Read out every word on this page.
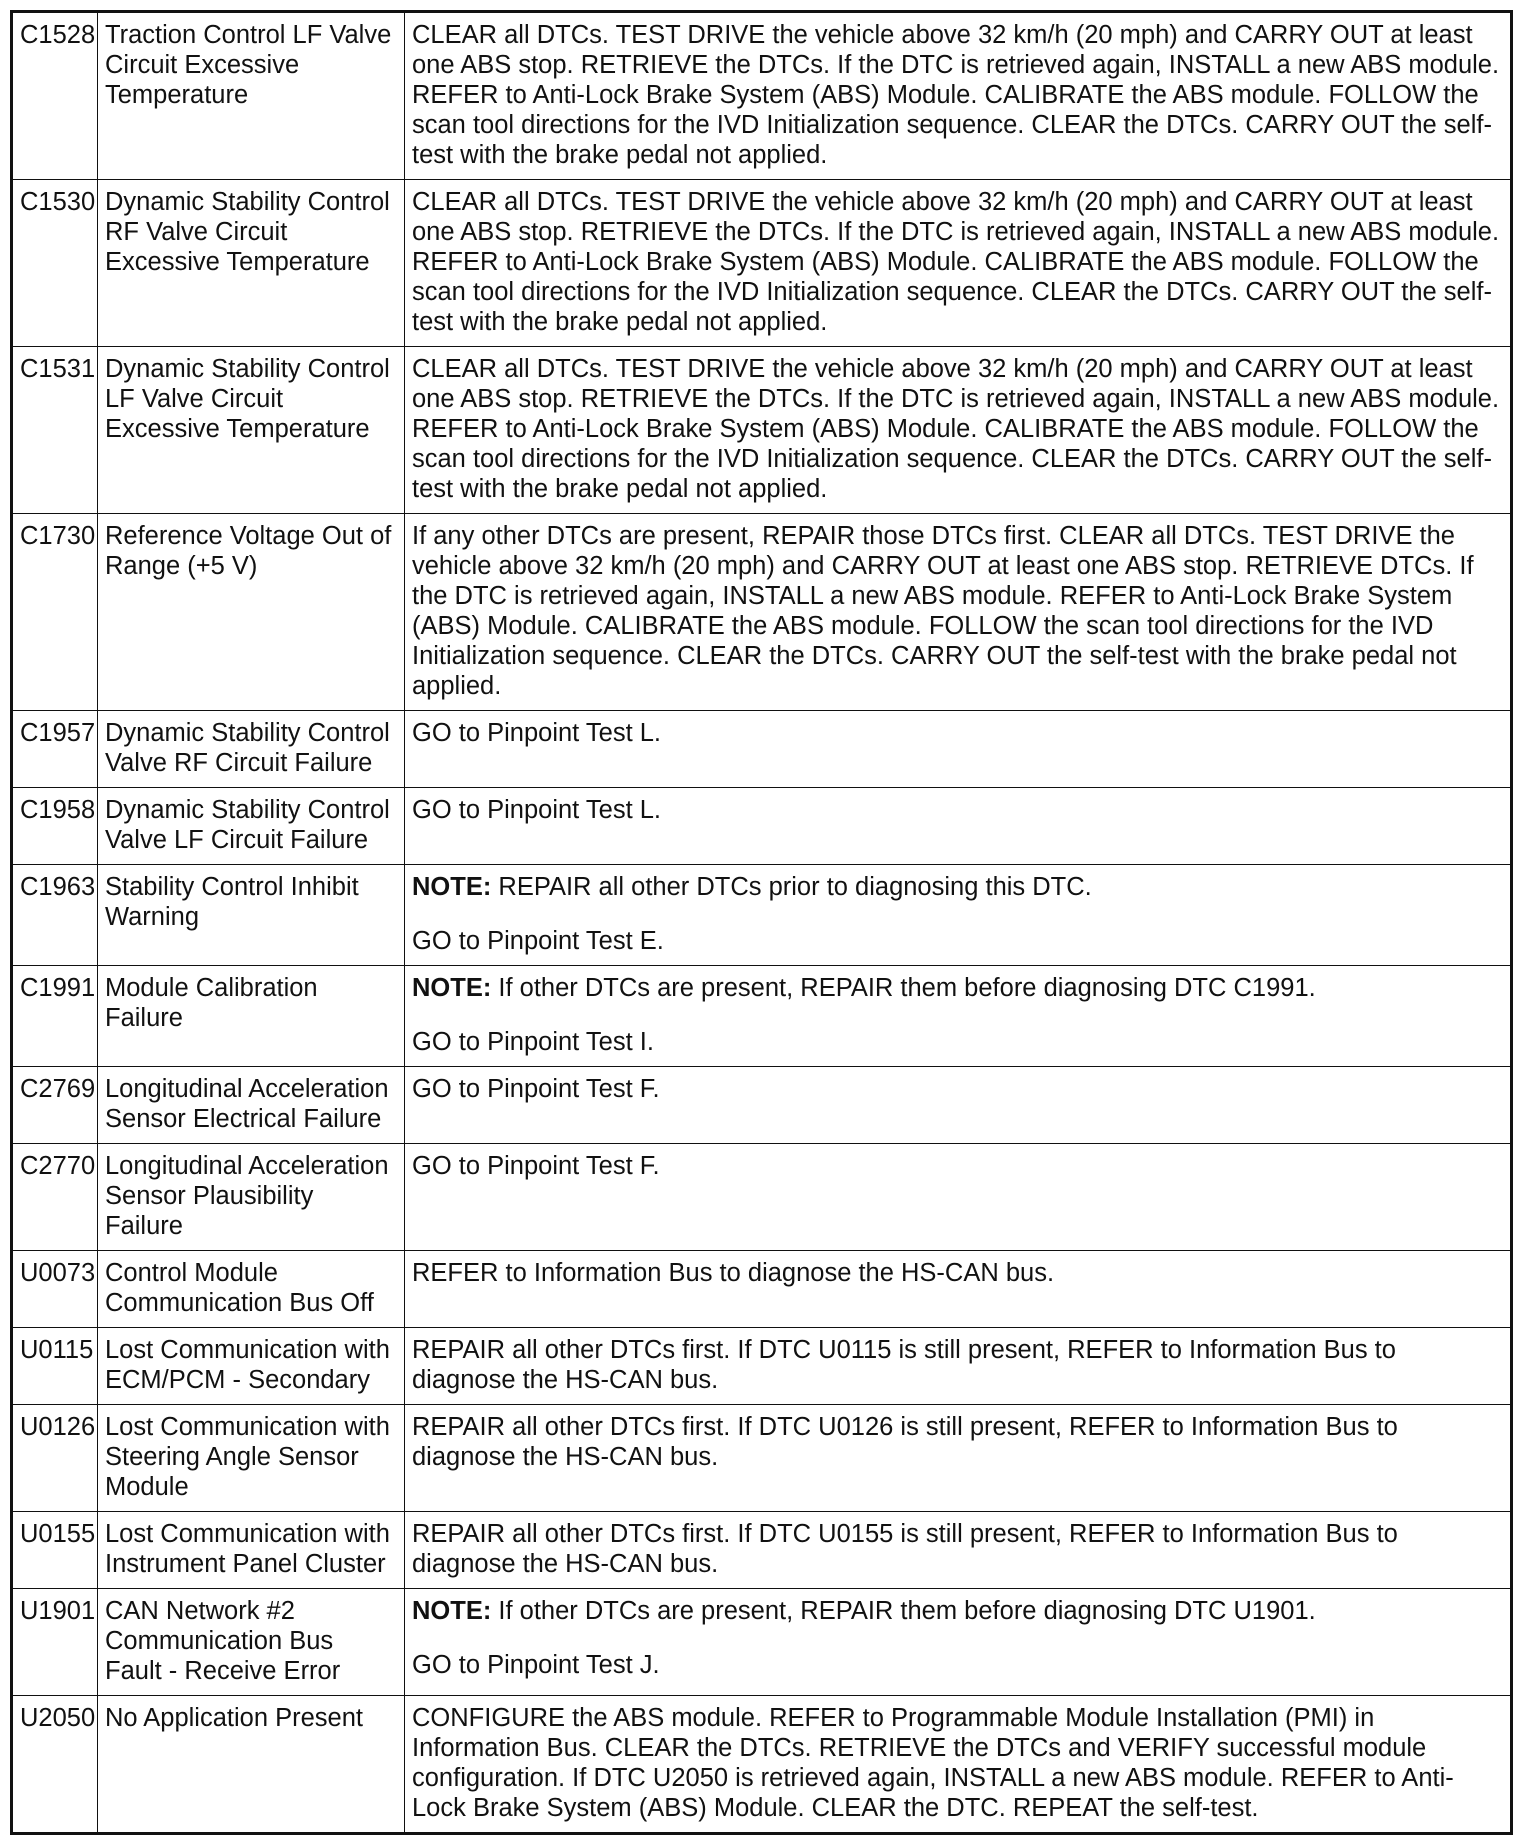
C1528	Traction Control LF Valve Circuit Excessive Temperature	CLEAR all DTCs. TEST DRIVE the vehicle above 32 km/h (20 mph) and CARRY OUT at least one ABS stop. RETRIEVE the DTCs. If the DTC is retrieved again, INSTALL a new ABS module. REFER to Anti-Lock Brake System (ABS) Module. CALIBRATE the ABS module. FOLLOW the scan tool directions for the IVD Initialization sequence. CLEAR the DTCs. CARRY OUT the self-test with the brake pedal not applied.

C1530	Dynamic Stability Control RF Valve Circuit Excessive Temperature	CLEAR all DTCs. TEST DRIVE the vehicle above 32 km/h (20 mph) and CARRY OUT at least one ABS stop. RETRIEVE the DTCs. If the DTC is retrieved again, INSTALL a new ABS module. REFER to Anti-Lock Brake System (ABS) Module. CALIBRATE the ABS module. FOLLOW the scan tool directions for the IVD Initialization sequence. CLEAR the DTCs. CARRY OUT the self-test with the brake pedal not applied.

C1531	Dynamic Stability Control LF Valve Circuit Excessive Temperature	CLEAR all DTCs. TEST DRIVE the vehicle above 32 km/h (20 mph) and CARRY OUT at least one ABS stop. RETRIEVE the DTCs. If the DTC is retrieved again, INSTALL a new ABS module. REFER to Anti-Lock Brake System (ABS) Module. CALIBRATE the ABS module. FOLLOW the scan tool directions for the IVD Initialization sequence. CLEAR the DTCs. CARRY OUT the self-test with the brake pedal not applied.

C1730	Reference Voltage Out of Range (+5 V)	If any other DTCs are present, REPAIR those DTCs first. CLEAR all DTCs. TEST DRIVE the vehicle above 32 km/h (20 mph) and CARRY OUT at least one ABS stop. RETRIEVE DTCs. If the DTC is retrieved again, INSTALL a new ABS module. REFER to Anti-Lock Brake System (ABS) Module. CALIBRATE the ABS module. FOLLOW the scan tool directions for the IVD Initialization sequence. CLEAR the DTCs. CARRY OUT the self-test with the brake pedal not applied.

C1957	Dynamic Stability Control Valve RF Circuit Failure	GO to Pinpoint Test L.

C1958	Dynamic Stability Control Valve LF Circuit Failure	GO to Pinpoint Test L.

C1963	Stability Control Inhibit Warning	NOTE: REPAIR all other DTCs prior to diagnosing this DTC.
GO to Pinpoint Test E.

C1991	Module Calibration Failure	NOTE: If other DTCs are present, REPAIR them before diagnosing DTC C1991.
GO to Pinpoint Test I.

C2769	Longitudinal Acceleration Sensor Electrical Failure	GO to Pinpoint Test F.

C2770	Longitudinal Acceleration Sensor Plausibility Failure	GO to Pinpoint Test F.

U0073	Control Module Communication Bus Off	REFER to Information Bus to diagnose the HS-CAN bus.

U0115	Lost Communication with ECM/PCM - Secondary	REPAIR all other DTCs first. If DTC U0115 is still present, REFER to Information Bus to diagnose the HS-CAN bus.

U0126	Lost Communication with Steering Angle Sensor Module	REPAIR all other DTCs first. If DTC U0126 is still present, REFER to Information Bus to diagnose the HS-CAN bus.

U0155	Lost Communication with Instrument Panel Cluster	REPAIR all other DTCs first. If DTC U0155 is still present, REFER to Information Bus to diagnose the HS-CAN bus.

U1901	CAN Network #2 Communication Bus Fault - Receive Error	NOTE: If other DTCs are present, REPAIR them before diagnosing DTC U1901.
GO to Pinpoint Test J.

U2050	No Application Present	CONFIGURE the ABS module. REFER to Programmable Module Installation (PMI) in Information Bus. CLEAR the DTCs. RETRIEVE the DTCs and VERIFY successful module configuration. If DTC U2050 is retrieved again, INSTALL a new ABS module. REFER to Anti-Lock Brake System (ABS) Module. CLEAR the DTC. REPEAT the self-test.
